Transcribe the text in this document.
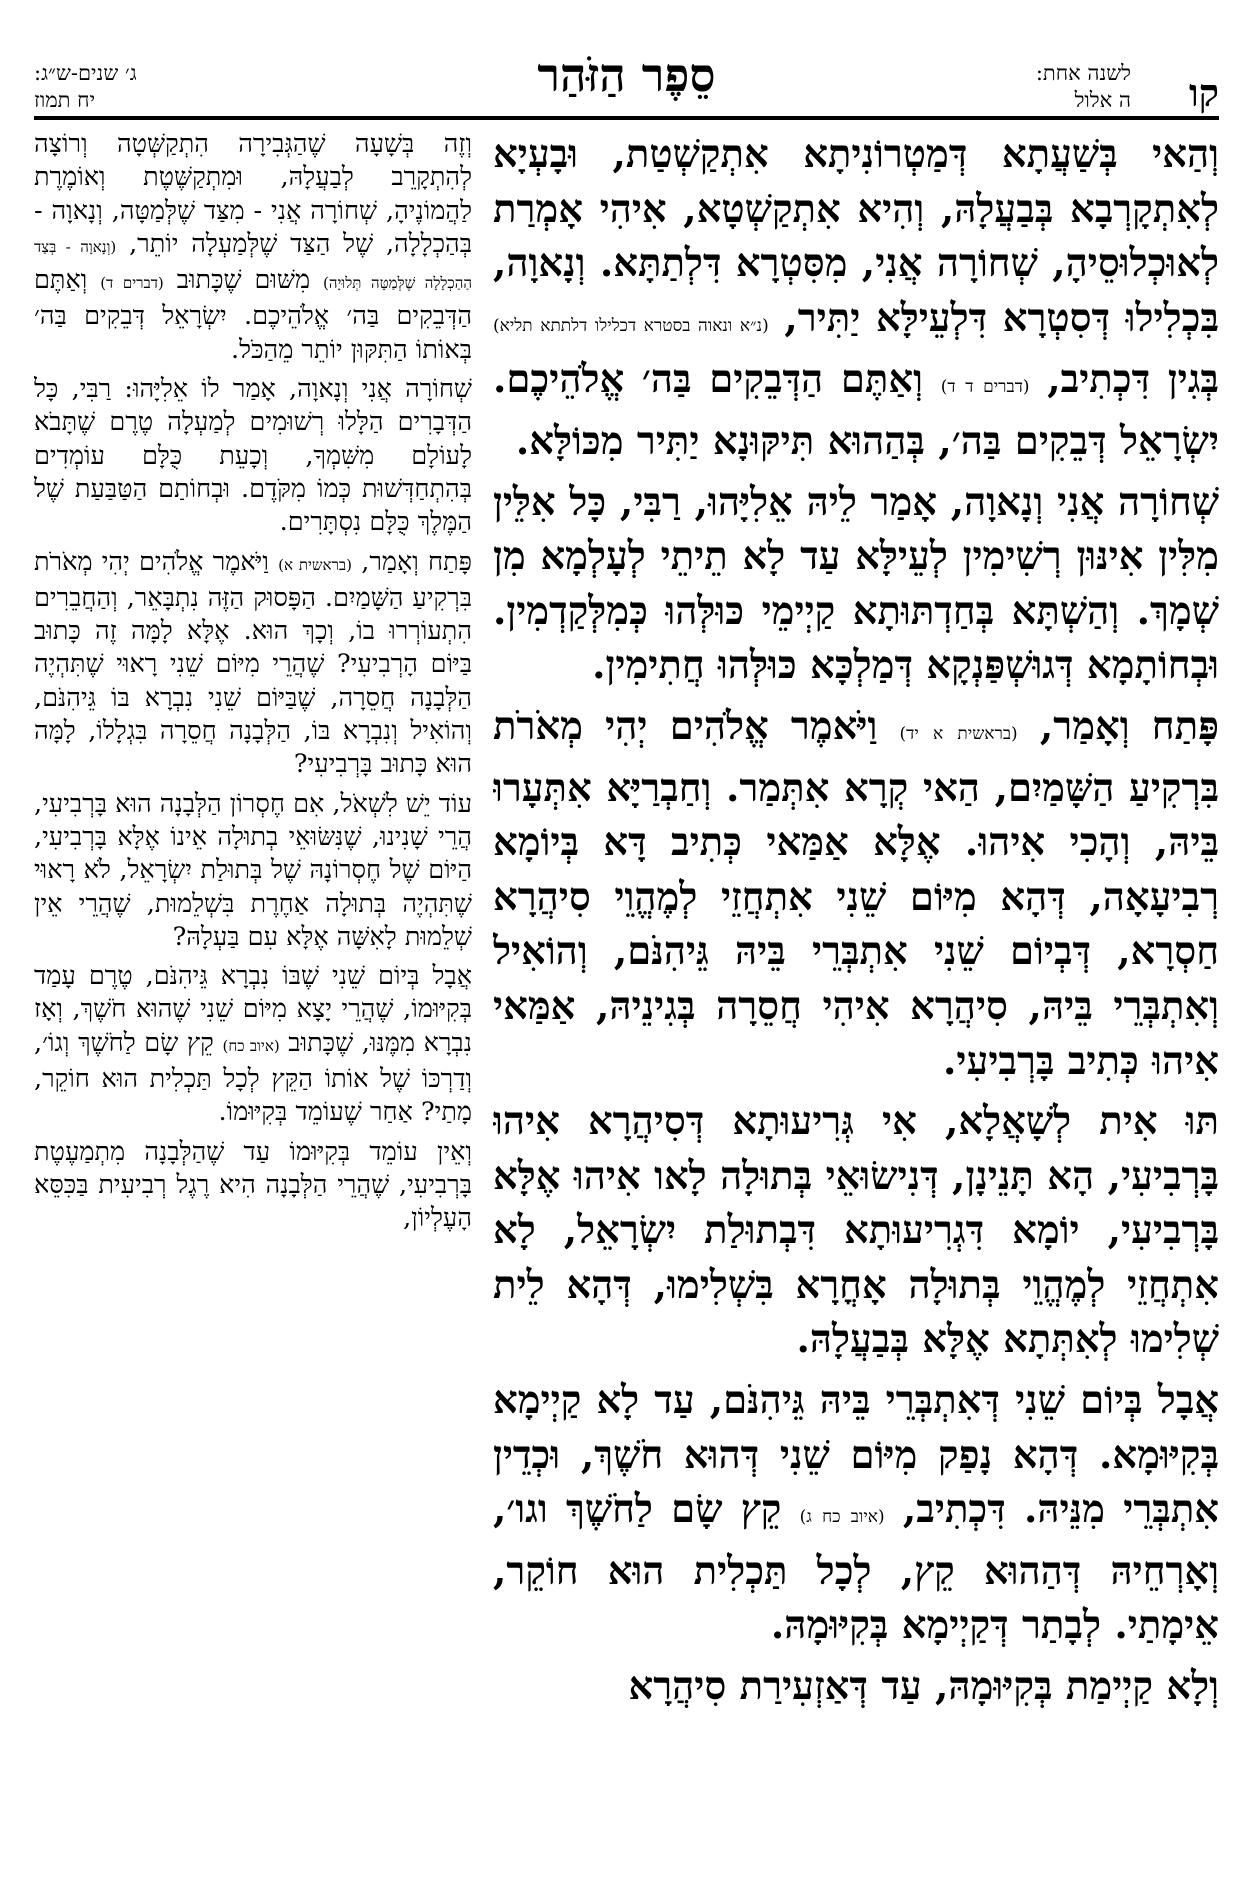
קו
לשנה אחת:
ה אלול
סֵפֶר הַזֹּהַר
ג׳ שנים-ש״ג:
יח תמוז

וְהַאי בְּשַׁעֲתָא דְּמַטְרוֹנִיתָא אִתְקַשְׁטַת, וּבָעְיָא לְאִתְקָרְבָא בְּבַעֲלָהּ, וְהִיא אִתְקַשְׁטָא, אִיהִי אָמְרַת לְאוּכְלוּסֵיהָ, שְׁחוֹרָה אֲנִי, מִסִּטְרָא דִּלְתַתָּא. וְנָאוָה, בִּכְלִילוּ דְּסִטְרָא דִּלְעֵילָּא יַתִּיר, (נ״א ונאוה בסטרא דכלילו דלתתא תליא) בְּגִין דִּכְתִיב, (דברים ד ד) וְאַתֶּם הַדְּבֵקִים בַּה׳ אֱלֹהֵיכֶם. יִשְׂרָאֵל דְּבֵקִים בַּה׳, בְּהַהוּא תִּיקּוּנָא יַתִּיר מִכּוֹלָּא.

שְׁחוֹרָה אֲנִי וְנָאוָה, אָמַר לֵיהּ אֵלִיָּהוּ, רַבִּי, כָּל אִלֵּין מִלִּין אִינּוּן רְשִׁימִין לְעֵילָּא עַד לָא תֵיתֵי לְעָלְמָא מִן שְׁמָךְ. וְהַשְׁתָּא בְּחַדְתּוּתָא קַיְימֵי כּוּלְּהוּ כְּמִלְּקַדְמִין. וּבְחוֹתָמָא דְּגוּשְׁפַּנְקָא דְּמַלְכָּא כּוּלְּהוּ חֲתִימִין.

פָּתַח וְאָמַר, (בראשית א יד) וַיֹּאמֶר אֱלֹהִים יְהִי מְאֹרֹת בִּרְקִיעַ הַשָּׁמַיִם, הַאי קְרָא אִתְּמַר. וְחַבְרַיָּא אִתְּעָרוּ בֵּיהּ, וְהָכִי אִיהוּ. אֶלָּא אַמַּאי כְּתִיב דָּא בְּיוֹמָא רְבִיעָאָה, דְּהָא מִיּוֹם שֵׁנִי אִתְחֲזֵי לְמֶהֱוֵי סִיהֲרָא חַסְרָא, דְּבְיוֹם שֵׁנִי אִתְבְּרֵי בֵּיהּ גֵּיהִנֹּם, וְהוֹאִיל וְאִתְבְּרֵי בֵּיהּ, סִיהֲרָא אִיהִי חֲסֵרָה בְּגִינֵיהּ, אַמַּאי אִיהוּ כְּתִיב בָּרְבִיעִי.

תּוּ אִית לְשָׁאֲלָא, אִי גְּרִיעוּתָא דְּסִיהֲרָא אִיהוּ בָּרְבִיעִי, הָא תָּנֵינָן, דְּנִישׂוּאֵי בְּתוּלָה לָאו אִיהוּ אֶלָּא בָּרְבִיעִי, יוֹמָא דִּגְרִיעוּתָא דִּבְתוּלַת יִשְׂרָאֵל, לָא אִתְחֲזֵי לְמֶהֱוֵי בְּתוּלָה אָחֳרָא בִּשְׁלִימוּ, דְּהָא לֵית שְׁלִימוּ לְאִתְּתָא אֶלָּא בְּבַעֲלָהּ.

אֲבָל בְּיוֹם שֵׁנִי דְּאִתְבְּרֵי בֵּיהּ גֵּיהִנֹּם, עַד לָא קַיְימָא בְּקִיּוּמָא. דְּהָא נָפַק מִיּוֹם שֵׁנִי דְּהוּא חֹשֶׁךְ, וּכְדֵין אִתְבְּרֵי מִנֵּיהּ. דִּכְתִיב, (איוב כח ג) קֵץ שָׂם לַחֹשֶׁךְ וגו׳, וְאָרְחֵיהּ דְּהַהוּא קֵץ, לְכָל תַּכְלִית הוּא חוֹקֵר, אֵימָתַי. לְבָתַר דְּקַיְימָא בְּקִיּוּמָהּ.

וְלָא קַיְימַת בְּקִיּוּמָהּ, עַד דְּאַזְעִירַת סִיהֲרָא

וְזֶה בְּשָׁעָה שֶׁהַגְּבִירָה הִתְקַשְּׁטָה וְרוֹצָה לְהִתְקָרֵב לְבַעֲלָהּ, וּמִתְקַשֶּׁטֶת וְאוֹמֶרֶת לַהֲמוֹנֶיהָ, שְׁחוֹרָה אֲנִי - מִצַּד שֶׁלְּמַטָּה, וְנָאוָה - בְּהַכְלָלָה, שֶׁל הַצַּד שֶׁלְּמַעְלָה יוֹתֵר, (וְנָאוָה - בְּצַד הַהַכְלָלָה שֶׁלְּמַטָּה תְּלוּיָה) מִשּׁוּם שֶׁכָּתוּב (דברים ד) וְאַתֶּם הַדְּבֵקִים בַּה׳ אֱלֹהֵיכֶם. יִשְׂרָאֵל דְּבֵקִים בַּה׳ בְּאוֹתוֹ הַתִּקּוּן יוֹתֵר מֵהַכֹּל.

שְׁחוֹרָה אֲנִי וְנָאוָה, אָמַר לוֹ אֵלִיָּהוּ: רַבִּי, כָּל הַדְּבָרִים הַלָּלוּ רְשׁוּמִים לְמַעְלָה טֶרֶם שֶׁתָּבֹא לָעוֹלָם מִשִּׁמְךָ, וְכָעֵת כֻּלָּם עוֹמְדִים בְּהִתְחַדְּשׁוּת כְּמוֹ מִקֹּדֶם. וּבְחוֹתַם הַטַּבַּעַת שֶׁל הַמֶּלֶךְ כֻּלָּם נִסְתָּרִים.

פָּתַח וְאָמַר, (בראשית א) וַיֹּאמֶר אֱלֹהִים יְהִי מְאֹרֹת בִּרְקִיעַ הַשָּׁמַיִם. הַפָּסוּק הַזֶּה נִתְבָּאֵר, וְהַחֲבֵרִים הִתְעוֹרְרוּ בוֹ, וְכָךְ הוּא. אֶלָּא לָמָּה זֶה כָּתוּב בַּיּוֹם הָרְבִיעִי? שֶׁהֲרֵי מִיּוֹם שֵׁנִי רָאוּי שֶׁתִּהְיֶה הַלְּבָנָה חֲסֵרָה, שֶׁבַּיּוֹם שֵׁנִי נִבְרָא בּוֹ גֵּיהִנֹּם, וְהוֹאִיל וְנִבְרָא בּוֹ, הַלְּבָנָה חֲסֵרָה בִּגְלָלוֹ, לָמָּה הוּא כָּתוּב בָּרְבִיעִי?

עוֹד יֵשׁ לִשְׁאֹל, אִם חֶסְרוֹן הַלְּבָנָה הוּא בָּרְבִיעִי, הֲרֵי שָׁנִינוּ, שֶׁנִּשּׂוּאֵי בְתוּלָה אֵינוֹ אֶלָּא בָּרְבִיעִי, הַיּוֹם שֶׁל חֶסְרוֹנָהּ שֶׁל בְּתוּלַת יִשְׂרָאֵל, לֹא רָאוּי שֶׁתִּהְיֶה בְּתוּלָה אַחֶרֶת בִּשְׁלֵמוּת, שֶׁהֲרֵי אֵין שְׁלֵמוּת לָאִשָּׁה אֶלָּא עִם בַּעְלָהּ?

אֲבָל בְּיוֹם שֵׁנִי שֶׁבּוֹ נִבְרָא גֵּיהִנֹּם, טֶרֶם עָמַד בְּקִיּוּמוֹ, שֶׁהֲרֵי יָצָא מִיּוֹם שֵׁנִי שֶׁהוּא חֹשֶׁךְ, וְאָז נִבְרָא מִמֶּנּוּ, שֶׁכָּתוּב (איוב כח) קֵץ שָׂם לַחֹשֶׁךְ וְגוֹ׳, וְדַרְכּוֹ שֶׁל אוֹתוֹ הַקֵּץ לְכָל תַּכְלִית הוּא חוֹקֵר, מָתַי? אַחַר שֶׁעוֹמֵד בְּקִיּוּמוֹ.

וְאֵין עוֹמֵד בְּקִיּוּמוֹ עַד שֶׁהַלְּבָנָה מִתְמַעֶטֶת בָּרְבִיעִי, שֶׁהֲרֵי הַלְּבָנָה הִיא רֶגֶל רְבִיעִית בַּכִּסֵּא הָעֶלְיוֹן,
